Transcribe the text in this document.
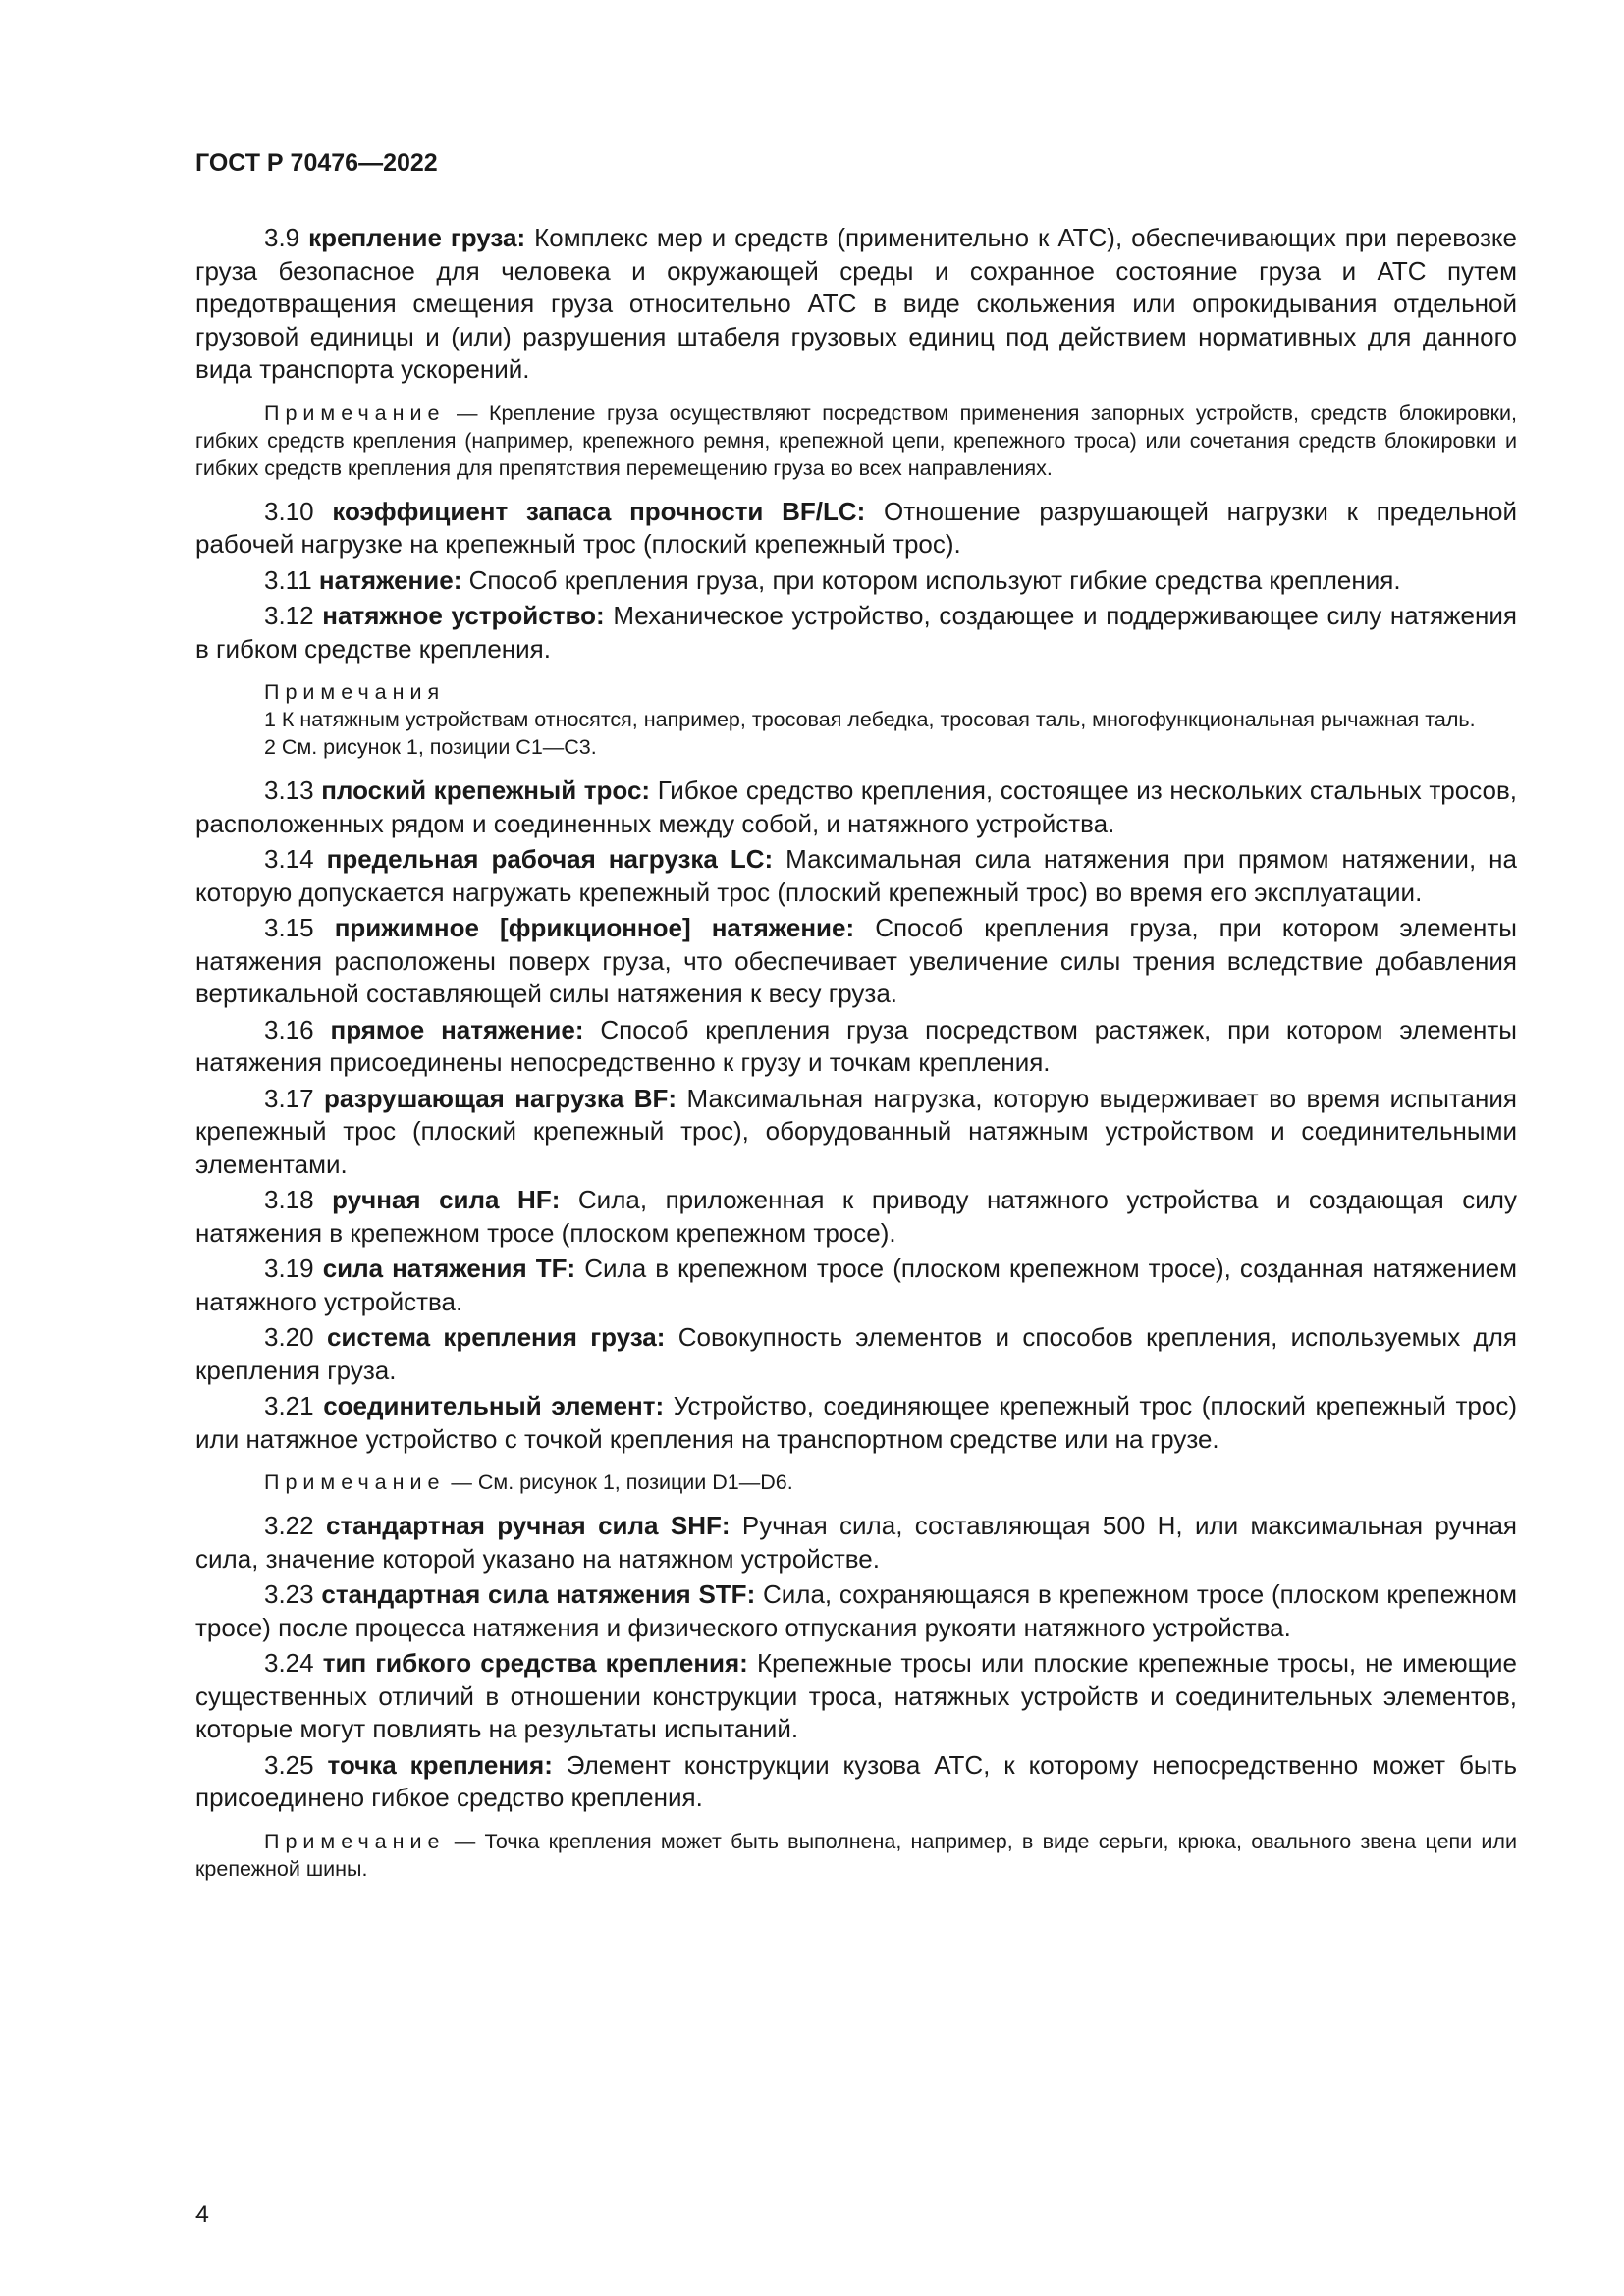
ГОСТ Р 70476—2022

3.9 крепление груза: Комплекс мер и средств (применительно к АТС), обеспечивающих при перевозке груза безопасное для человека и окружающей среды и сохранное состояние груза и АТС путем предотвращения смещения груза относительно АТС в виде скольжения или опрокидывания отдельной грузовой единицы и (или) разрушения штабеля грузовых единиц под действием нормативных для данного вида транспорта ускорений.

Примечание — Крепление груза осуществляют посредством применения запорных устройств, средств блокировки, гибких средств крепления (например, крепежного ремня, крепежной цепи, крепежного троса) или сочетания средств блокировки и гибких средств крепления для препятствия перемещению груза во всех направлениях.

3.10 коэффициент запаса прочности BF/LC: Отношение разрушающей нагрузки к предельной рабочей нагрузке на крепежный трос (плоский крепежный трос).

3.11 натяжение: Способ крепления груза, при котором используют гибкие средства крепления.

3.12 натяжное устройство: Механическое устройство, создающее и поддерживающее силу натяжения в гибком средстве крепления.

Примечания

1 К натяжным устройствам относятся, например, тросовая лебедка, тросовая таль, многофункциональная рычажная таль.

2 См. рисунок 1, позиции С1—С3.

3.13 плоский крепежный трос: Гибкое средство крепления, состоящее из нескольких стальных тросов, расположенных рядом и соединенных между собой, и натяжного устройства.

3.14 предельная рабочая нагрузка LC: Максимальная сила натяжения при прямом натяжении, на которую допускается нагружать крепежный трос (плоский крепежный трос) во время его эксплуатации.

3.15 прижимное [фрикционное] натяжение: Способ крепления груза, при котором элементы натяжения расположены поверх груза, что обеспечивает увеличение силы трения вследствие добавления вертикальной составляющей силы натяжения к весу груза.

3.16 прямое натяжение: Способ крепления груза посредством растяжек, при котором элементы натяжения присоединены непосредственно к грузу и точкам крепления.

3.17 разрушающая нагрузка BF: Максимальная нагрузка, которую выдерживает во время испытания крепежный трос (плоский крепежный трос), оборудованный натяжным устройством и соединительными элементами.

3.18 ручная сила HF: Сила, приложенная к приводу натяжного устройства и создающая силу натяжения в крепежном тросе (плоском крепежном тросе).

3.19 сила натяжения TF: Сила в крепежном тросе (плоском крепежном тросе), созданная натяжением натяжного устройства.

3.20 система крепления груза: Совокупность элементов и способов крепления, используемых для крепления груза.

3.21 соединительный элемент: Устройство, соединяющее крепежный трос (плоский крепежный трос) или натяжное устройство с точкой крепления на транспортном средстве или на грузе.

Примечание — См. рисунок 1, позиции D1—D6.

3.22 стандартная ручная сила SHF: Ручная сила, составляющая 500 Н, или максимальная ручная сила, значение которой указано на натяжном устройстве.

3.23 стандартная сила натяжения STF: Сила, сохраняющаяся в крепежном тросе (плоском крепежном тросе) после процесса натяжения и физического отпускания рукояти натяжного устройства.

3.24 тип гибкого средства крепления: Крепежные тросы или плоские крепежные тросы, не имеющие существенных отличий в отношении конструкции троса, натяжных устройств и соединительных элементов, которые могут повлиять на результаты испытаний.

3.25 точка крепления: Элемент конструкции кузова АТС, к которому непосредственно может быть присоединено гибкое средство крепления.

Примечание — Точка крепления может быть выполнена, например, в виде серьги, крюка, овального звена цепи или крепежной шины.

4
